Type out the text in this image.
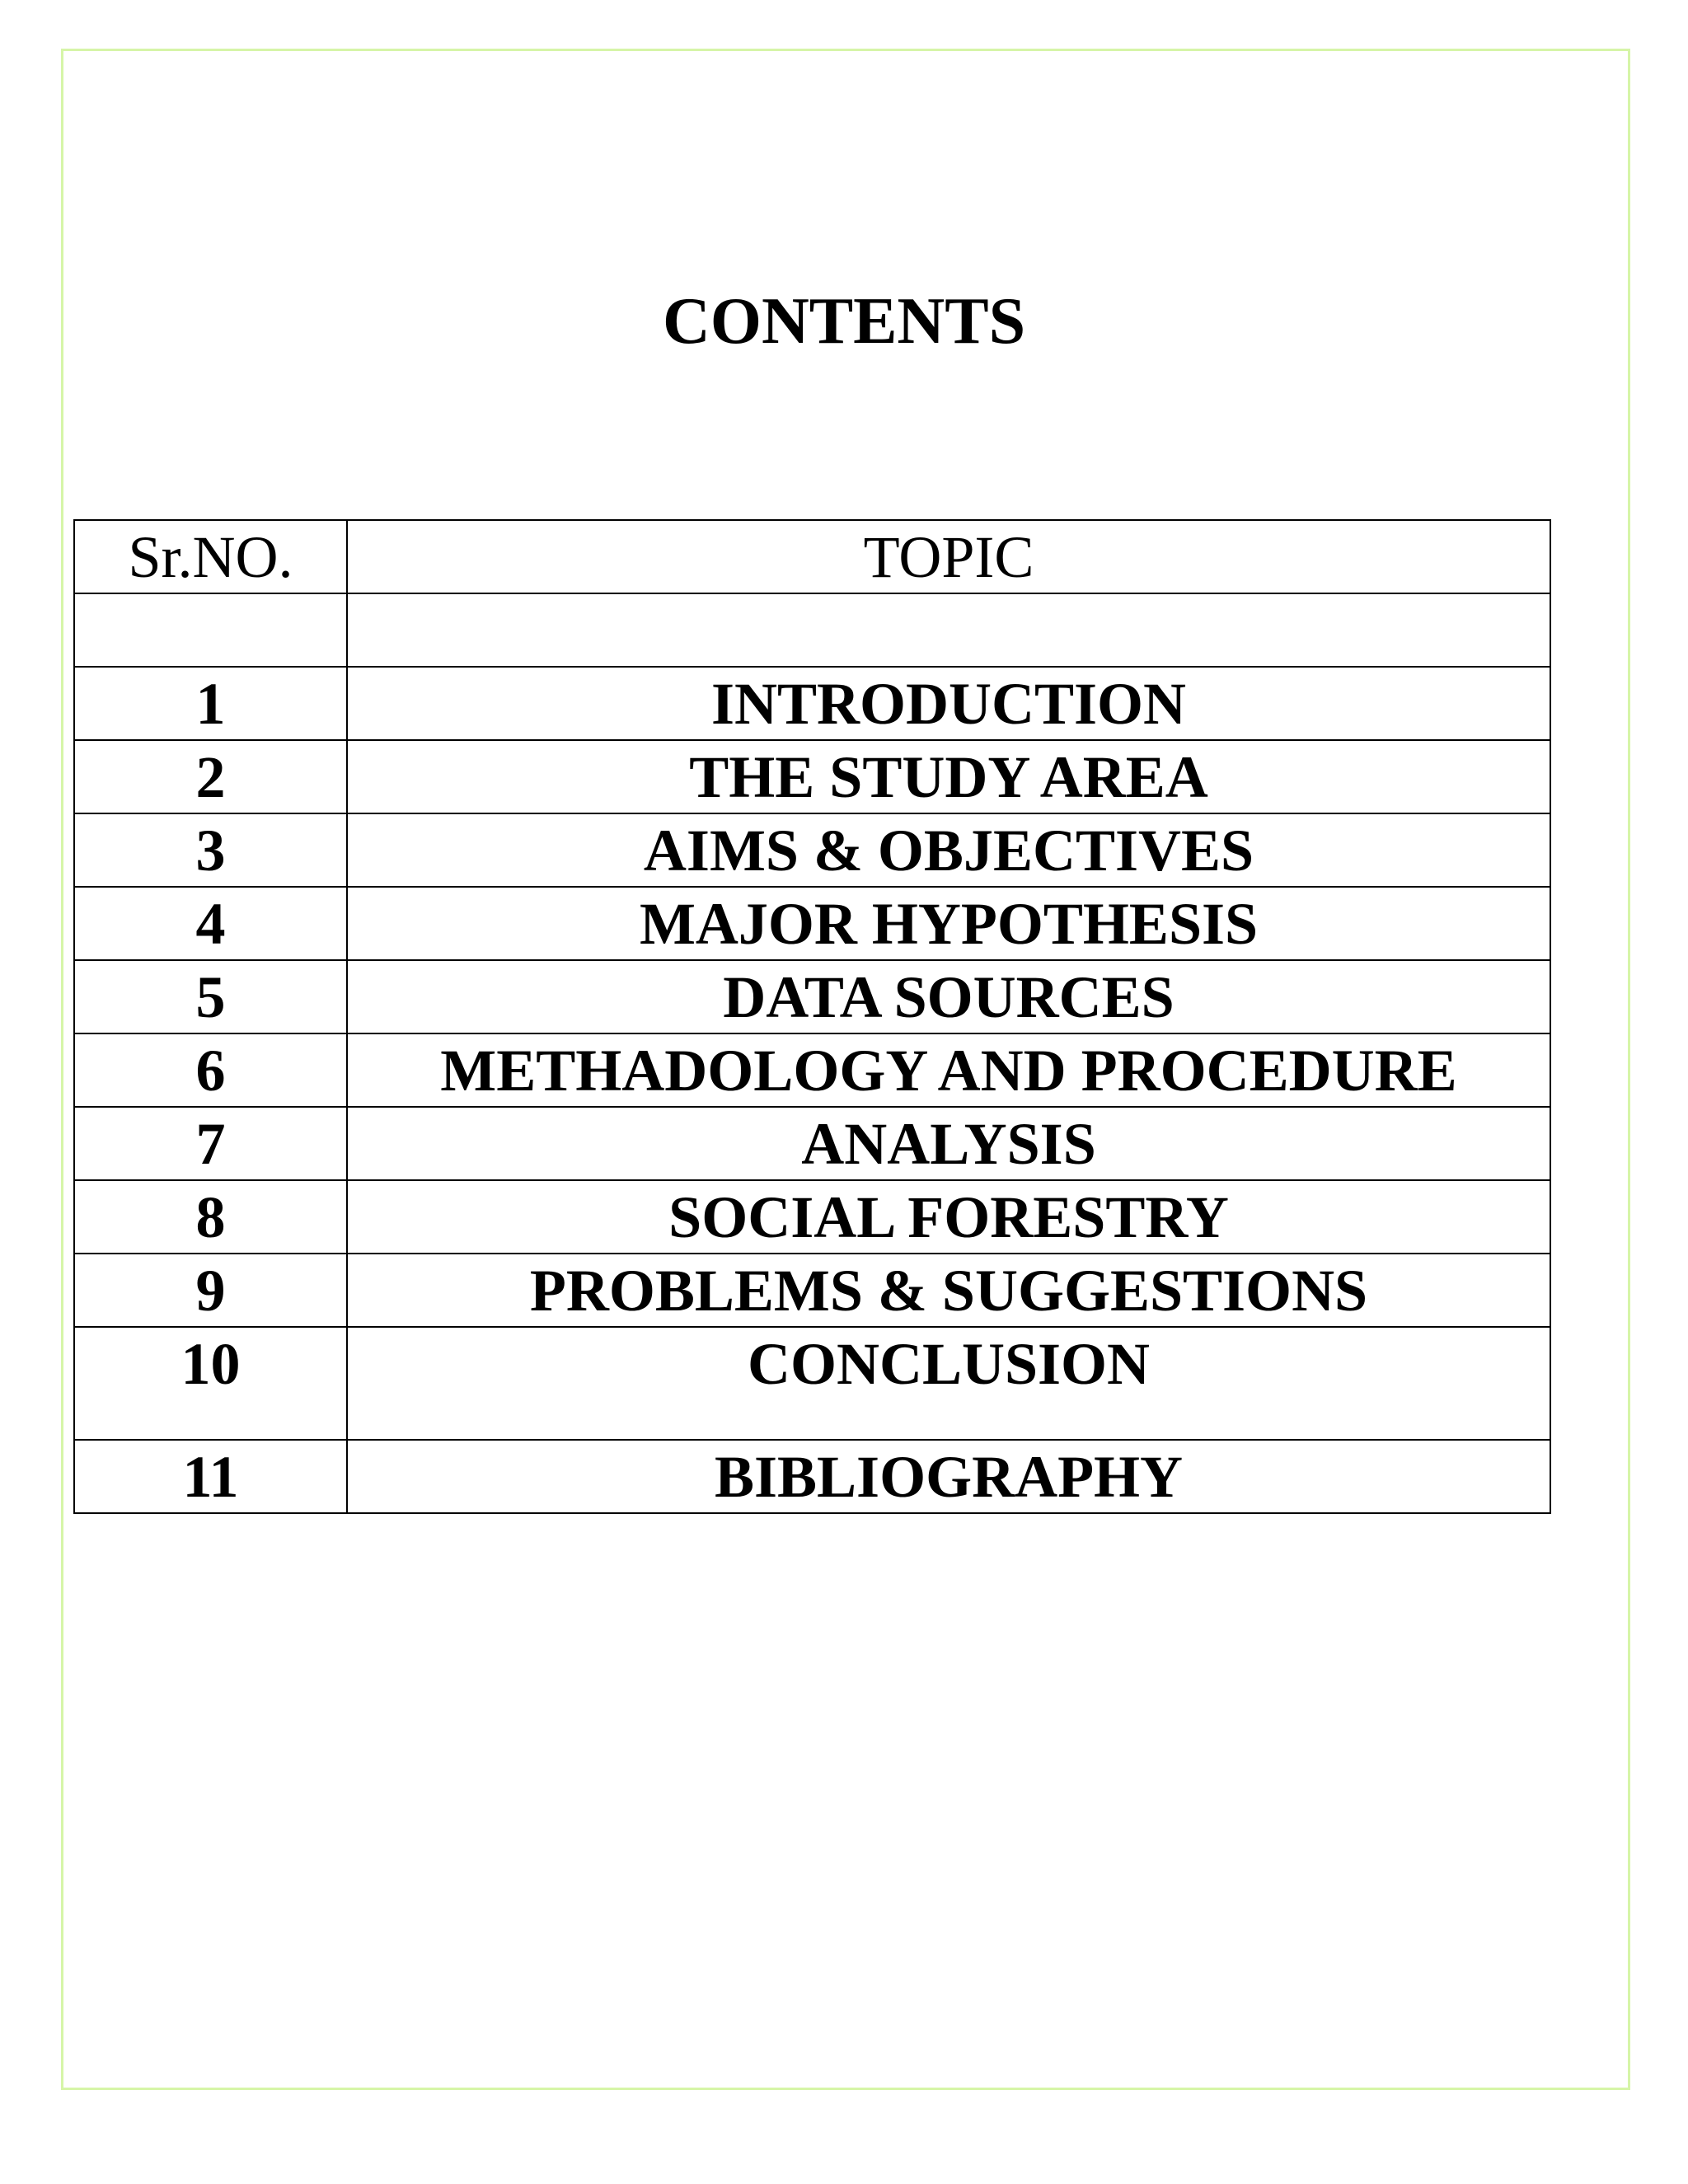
CONTENTS
Sr.NO.	TOPIC

1	INTRODUCTION
2	THE STUDY AREA
3	AIMS & OBJECTIVES
4	MAJOR HYPOTHESIS
5	DATA SOURCES
6	METHADOLOGY AND PROCEDURE
7	ANALYSIS
8	SOCIAL FORESTRY
9	PROBLEMS & SUGGESTIONS
10	CONCLUSION
11	BIBLIOGRAPHY
